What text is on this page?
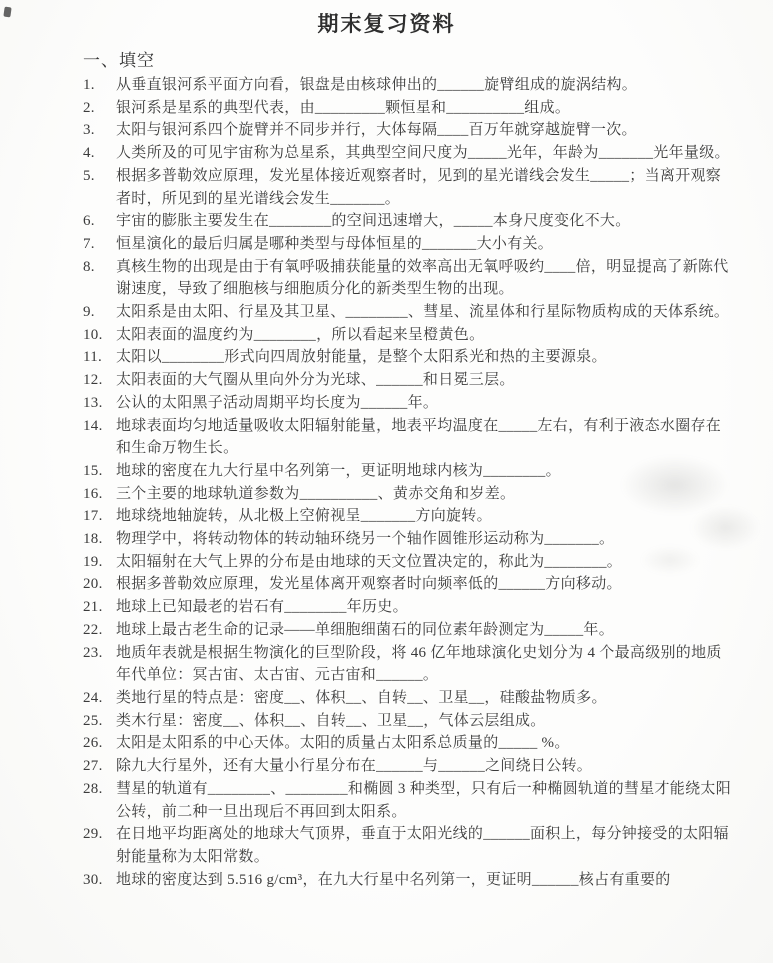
期末复习资料
一、填空
1.	从垂直银河系平面方向看，银盘是由核球伸出的______旋臂组成的旋涡结构。
2.	银河系是星系的典型代表，由_________颗恒星和__________组成。
3.	太阳与银河系四个旋臂并不同步并行，大体每隔____百万年就穿越旋臂一次。
4.	人类所及的可见宇宙称为总星系，其典型空间尺度为_____光年，年龄为_______光年量级。
5.	根据多普勒效应原理，发光星体接近观察者时，见到的星光谱线会发生_____；当离开观察者时，所见到的星光谱线会发生_______。
6.	宇宙的膨胀主要发生在________的空间迅速增大，_____本身尺度变化不大。
7.	恒星演化的最后归属是哪种类型与母体恒星的_______大小有关。
8.	真核生物的出现是由于有氧呼吸捕获能量的效率高出无氧呼吸约____倍，明显提高了新陈代谢速度，导致了细胞核与细胞质分化的新类型生物的出现。
9.	太阳系是由太阳、行星及其卫星、________、彗星、流星体和行星际物质构成的天体系统。
10. 太阳表面的温度约为________，所以看起来呈橙黄色。
11. 太阳以________形式向四周放射能量，是整个太阳系光和热的主要源泉。
12. 太阳表面的大气圈从里向外分为光球、______和日冕三层。
13. 公认的太阳黑子活动周期平均长度为______年。
14. 地球表面均匀地适量吸收太阳辐射能量，地表平均温度在_____左右，有利于液态水圈存在和生命万物生长。
15. 地球的密度在九大行星中名列第一，更证明地球内核为________。
16. 三个主要的地球轨道参数为__________、黄赤交角和岁差。
17. 地球绕地轴旋转，从北极上空俯视呈_______方向旋转。
18. 物理学中，将转动物体的转动轴环绕另一个轴作圆锥形运动称为_______。
19. 太阳辐射在大气上界的分布是由地球的天文位置决定的，称此为________。
20. 根据多普勒效应原理，发光星体离开观察者时向频率低的______方向移动。
21. 地球上已知最老的岩石有________年历史。
22. 地球上最古老生命的记录——单细胞细菌石的同位素年龄测定为_____年。
23. 地质年表就是根据生物演化的巨型阶段，将 46 亿年地球演化史划分为 4 个最高级别的地质年代单位：冥古宙、太古宙、元古宙和______。
24. 类地行星的特点是：密度__、体积__、自转__、卫星__，硅酸盐物质多。
25. 类木行星：密度__、体积__、自转__、卫星__，气体云层组成。
26. 太阳是太阳系的中心天体。太阳的质量占太阳系总质量的_____ %。
27. 除九大行星外，还有大量小行星分布在______与______之间绕日公转。
28. 彗星的轨道有________、________和椭圆 3 种类型，只有后一种椭圆轨道的彗星才能绕太阳公转，前二种一旦出现后不再回到太阳系。
29. 在日地平均距离处的地球大气顶界，垂直于太阳光线的______面积上，每分钟接受的太阳辐射能量称为太阳常数。
30. 地球的密度达到 5.516 g/cm³，在九大行星中名列第一，更证明______核占有重要的
